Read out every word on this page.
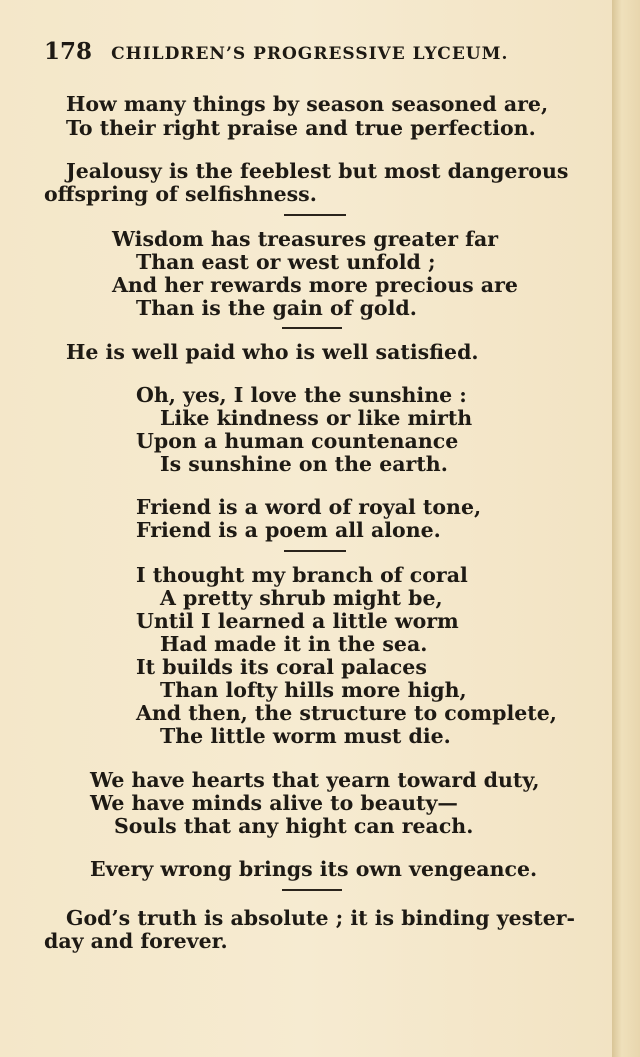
178 CHILDREN’S PROGRESSIVE LYCEUM.
How many things by season seasoned are,
To their right praise and true perfection.
Jealousy is the feeblest but most dangerous
offspring of selfishness.
Wisdom has treasures greater far
Than east or west unfold ;
And her rewards more precious are
Than is the gain of gold.
He is well paid who is well satisfied.
Oh, yes, I love the sunshine :
Like kindness or like mirth
Upon a human countenance
Is sunshine on the earth.
Friend is a word of royal tone,
Friend is a poem all alone.
I thought my branch of coral
A pretty shrub might be,
Until I learned a little worm
Had made it in the sea.
It builds its coral palaces
Than lofty hills more high,
And then, the structure to complete,
The little worm must die.
We have hearts that yearn toward duty,
We have minds alive to beauty—
Souls that any hight can reach.
Every wrong brings its own vengeance.
God’s truth is absolute ; it is binding yester-
day and forever.
